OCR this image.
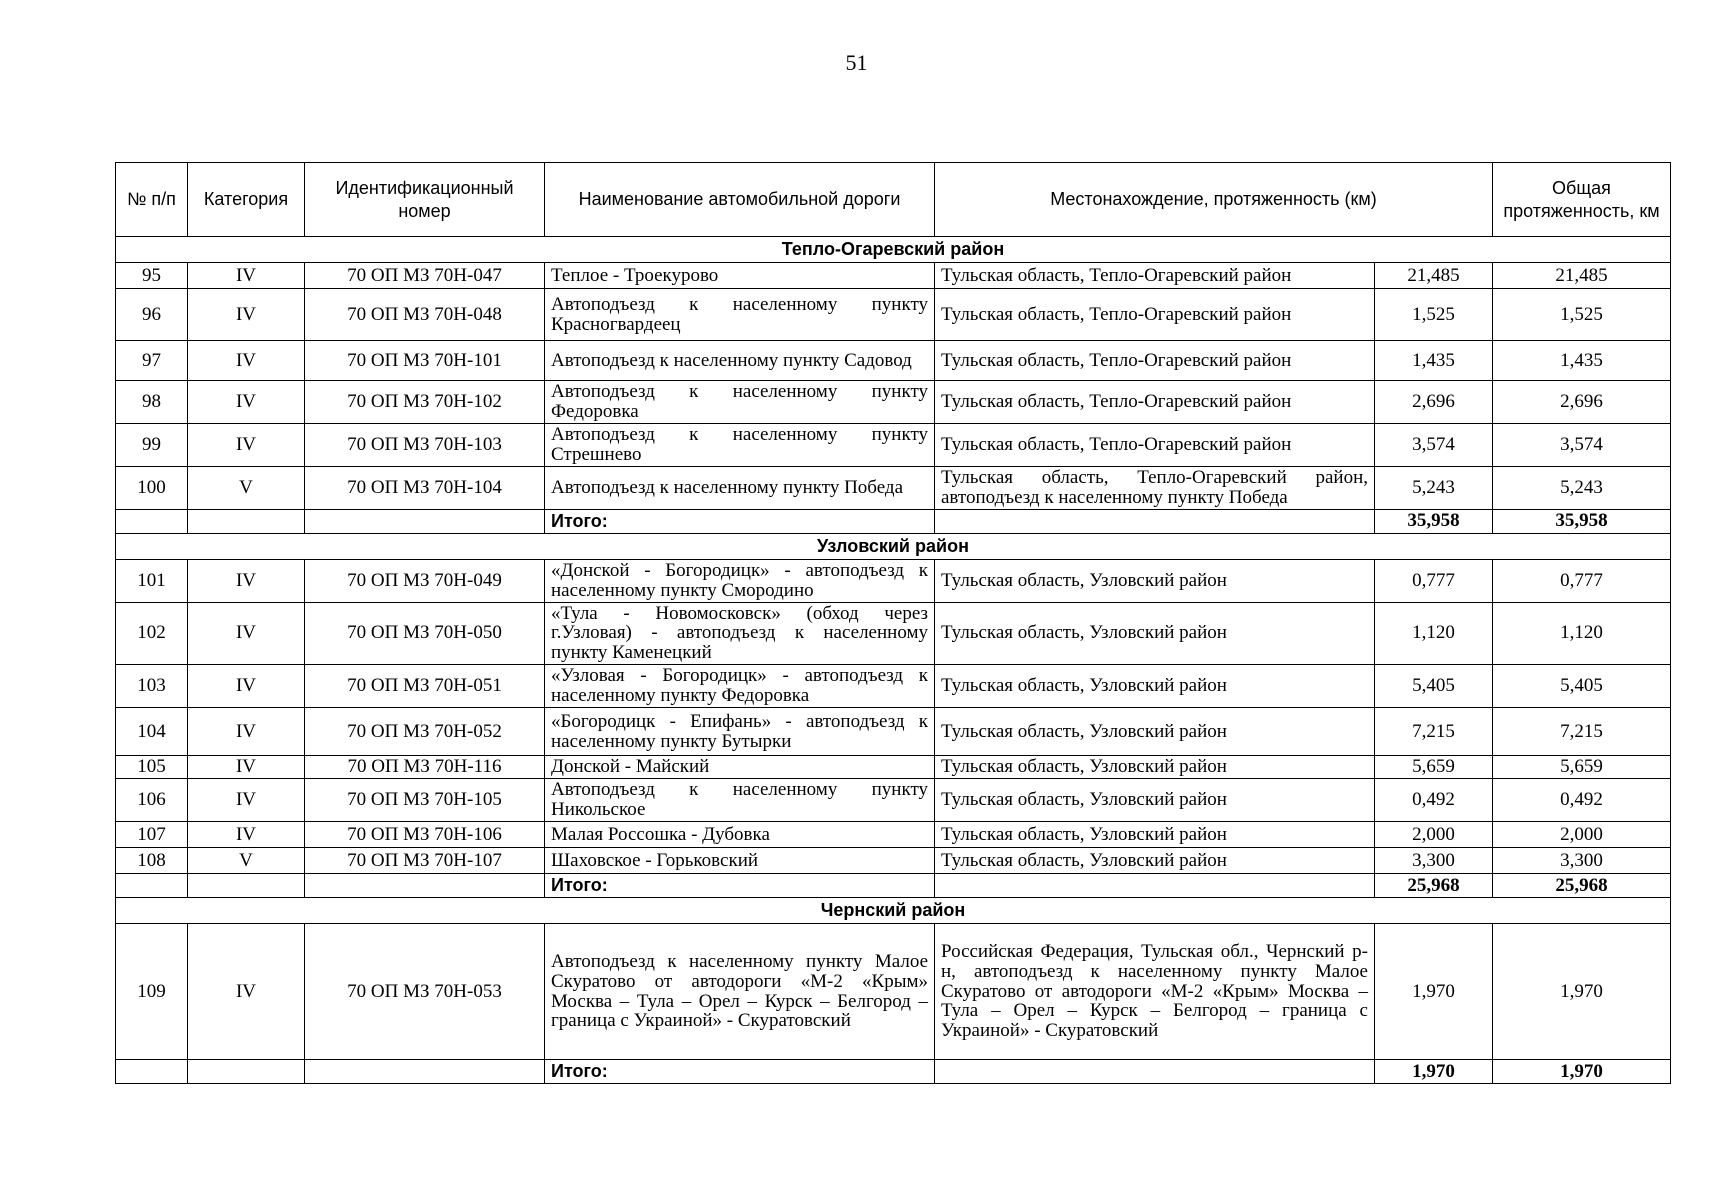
51
№ п/п	Категория	Идентификационный номер	Наименование автомобильной дороги	Местонахождение, протяженность (км)		Общая протяженность, км
Тепло-Огаревский район						
95	IV	70 ОП МЗ 70Н-047	Теплое - Троекурово	Тульская область, Тепло-Огаревский район	21,485	21,485
96	IV	70 ОП МЗ 70Н-048	Автоподъезд к населенному пункту Красногвардеец	Тульская область, Тепло-Огаревский район	1,525	1,525
97	IV	70 ОП МЗ 70Н-101	Автоподъезд к населенному пункту Садовод	Тульская область, Тепло-Огаревский район	1,435	1,435
98	IV	70 ОП МЗ 70Н-102	Автоподъезд к населенному пункту Федоровка	Тульская область, Тепло-Огаревский район	2,696	2,696
99	IV	70 ОП МЗ 70Н-103	Автоподъезд к населенному пункту Стрешнево	Тульская область, Тепло-Огаревский район	3,574	3,574
100	V	70 ОП МЗ 70Н-104	Автоподъезд к населенному пункту Победа	Тульская область, Тепло-Огаревский район, автоподъезд к населенному пункту Победа	5,243	5,243
			Итого:		35,958	35,958
Узловский район						
101	IV	70 ОП МЗ 70Н-049	«Донской - Богородицк» - автоподъезд к населенному пункту Смородино	Тульская область, Узловский район	0,777	0,777
102	IV	70 ОП МЗ 70Н-050	«Тула - Новомосковск» (обход через г.Узловая) - автоподъезд к населенному пункту Каменецкий	Тульская область, Узловский район	1,120	1,120
103	IV	70 ОП МЗ 70Н-051	«Узловая - Богородицк» - автоподъезд к населенному пункту Федоровка	Тульская область, Узловский район	5,405	5,405
104	IV	70 ОП МЗ 70Н-052	«Богородицк - Епифань» - автоподъезд к населенному пункту Бутырки	Тульская область, Узловский район	7,215	7,215
105	IV	70 ОП МЗ 70Н-116	Донской - Майский	Тульская область, Узловский район	5,659	5,659
106	IV	70 ОП МЗ 70Н-105	Автоподъезд к населенному пункту Никольское	Тульская область, Узловский район	0,492	0,492
107	IV	70 ОП МЗ 70Н-106	Малая Россошка - Дубовка	Тульская область, Узловский район	2,000	2,000
108	V	70 ОП МЗ 70Н-107	Шаховское - Горьковский	Тульская область, Узловский район	3,300	3,300
			Итого:		25,968	25,968
Чернский район						
109	IV	70 ОП МЗ 70Н-053	Автоподъезд к населенному пункту Малое Скуратово от автодороги «М-2 «Крым» Москва – Тула – Орел – Курск – Белгород – граница с Украиной» - Скуратовский	Российская Федерация, Тульская обл., Чернский р-н, автоподъезд к населенному пункту Малое Скуратово от автодороги «М-2 «Крым» Москва – Тула – Орел – Курск – Белгород – граница с Украиной» - Скуратовский	1,970	1,970
			Итого:		1,970	1,970
